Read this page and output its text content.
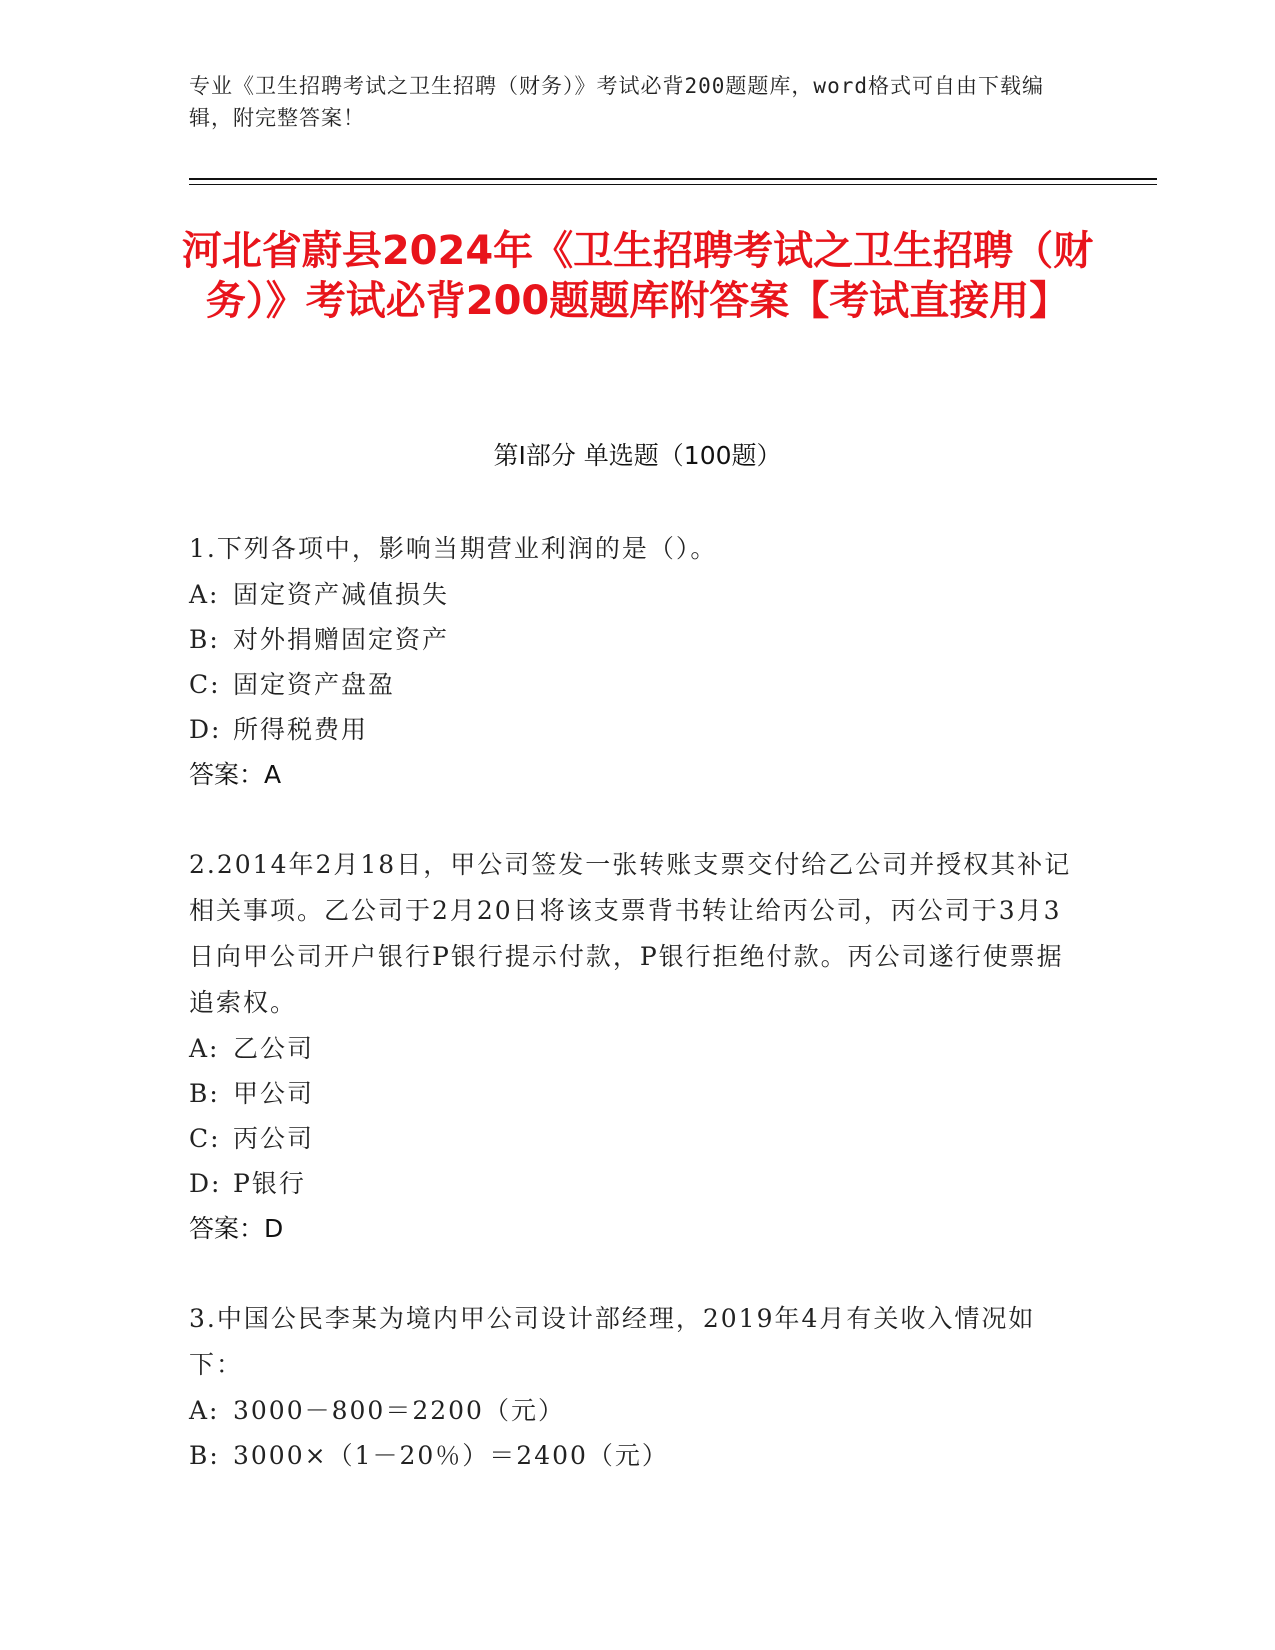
专业《卫生招聘考试之卫生招聘（财务）》考试必背200题题库，word格式可自由下载编辑，附完整答案！
河北省蔚县2024年《卫生招聘考试之卫生招聘（财务）》考试必背200题题库附答案【考试直接用】
第Ⅰ部分 单选题（100题）
1.下列各项中，影响当期营业利润的是（）。
A: 固定资产减值损失
B: 对外捐赠固定资产
C: 固定资产盘盈
D: 所得税费用
答案：A
2.2014年2月18日，甲公司签发一张转账支票交付给乙公司并授权其补记相关事项。乙公司于2月20日将该支票背书转让给丙公司，丙公司于3月3日向甲公司开户银行P银行提示付款，P银行拒绝付款。丙公司遂行使票据追索权。
A: 乙公司
B: 甲公司
C: 丙公司
D: P银行
答案：D
3.中国公民李某为境内甲公司设计部经理，2019年4月有关收入情况如下：
A: 3000－800＝2200（元）
B: 3000×（1－20％）＝2400（元）
